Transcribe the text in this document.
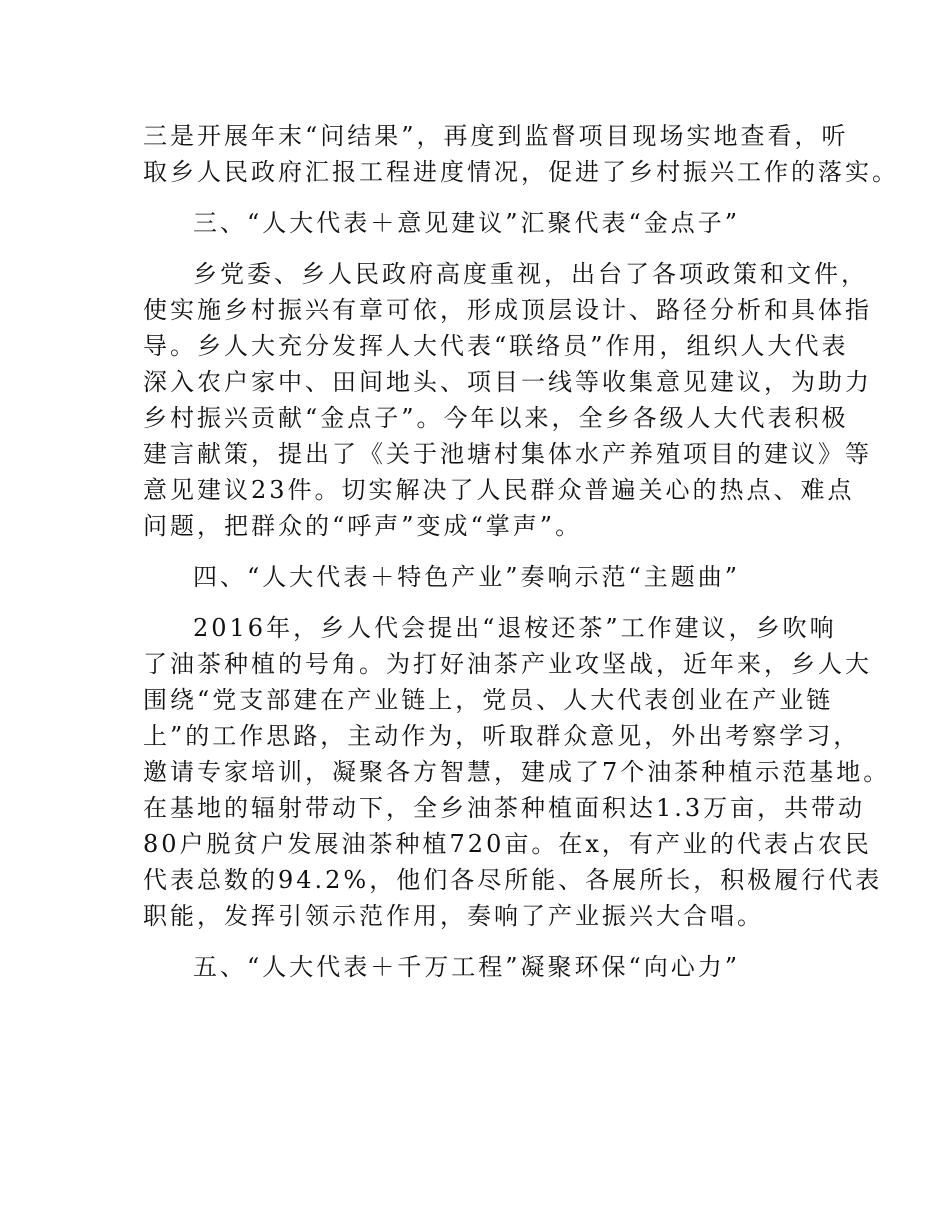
三是开展年末“问结果”，再度到监督项目现场实地查看，听
取乡人民政府汇报工程进度情况，促进了乡村振兴工作的落实。
三、“人大代表＋意见建议”汇聚代表“金点子”
乡党委、乡人民政府高度重视，出台了各项政策和文件，
使实施乡村振兴有章可依，形成顶层设计、路径分析和具体指
导。乡人大充分发挥人大代表“联络员”作用，组织人大代表
深入农户家中、田间地头、项目一线等收集意见建议，为助力
乡村振兴贡献“金点子”。今年以来，全乡各级人大代表积极
建言献策，提出了《关于池塘村集体水产养殖项目的建议》等
意见建议23件。切实解决了人民群众普遍关心的热点、难点
问题，把群众的“呼声”变成“掌声”。
四、“人大代表＋特色产业”奏响示范“主题曲”
2016年，乡人代会提出“退桉还茶”工作建议，乡吹响
了油茶种植的号角。为打好油茶产业攻坚战，近年来，乡人大
围绕“党支部建在产业链上，党员、人大代表创业在产业链
上”的工作思路，主动作为，听取群众意见，外出考察学习，
邀请专家培训，凝聚各方智慧，建成了7个油茶种植示范基地。
在基地的辐射带动下，全乡油茶种植面积达1.3万亩，共带动
80户脱贫户发展油茶种植720亩。在x，有产业的代表占农民
代表总数的94.2%，他们各尽所能、各展所长，积极履行代表
职能，发挥引领示范作用，奏响了产业振兴大合唱。
五、“人大代表＋千万工程”凝聚环保“向心力”
